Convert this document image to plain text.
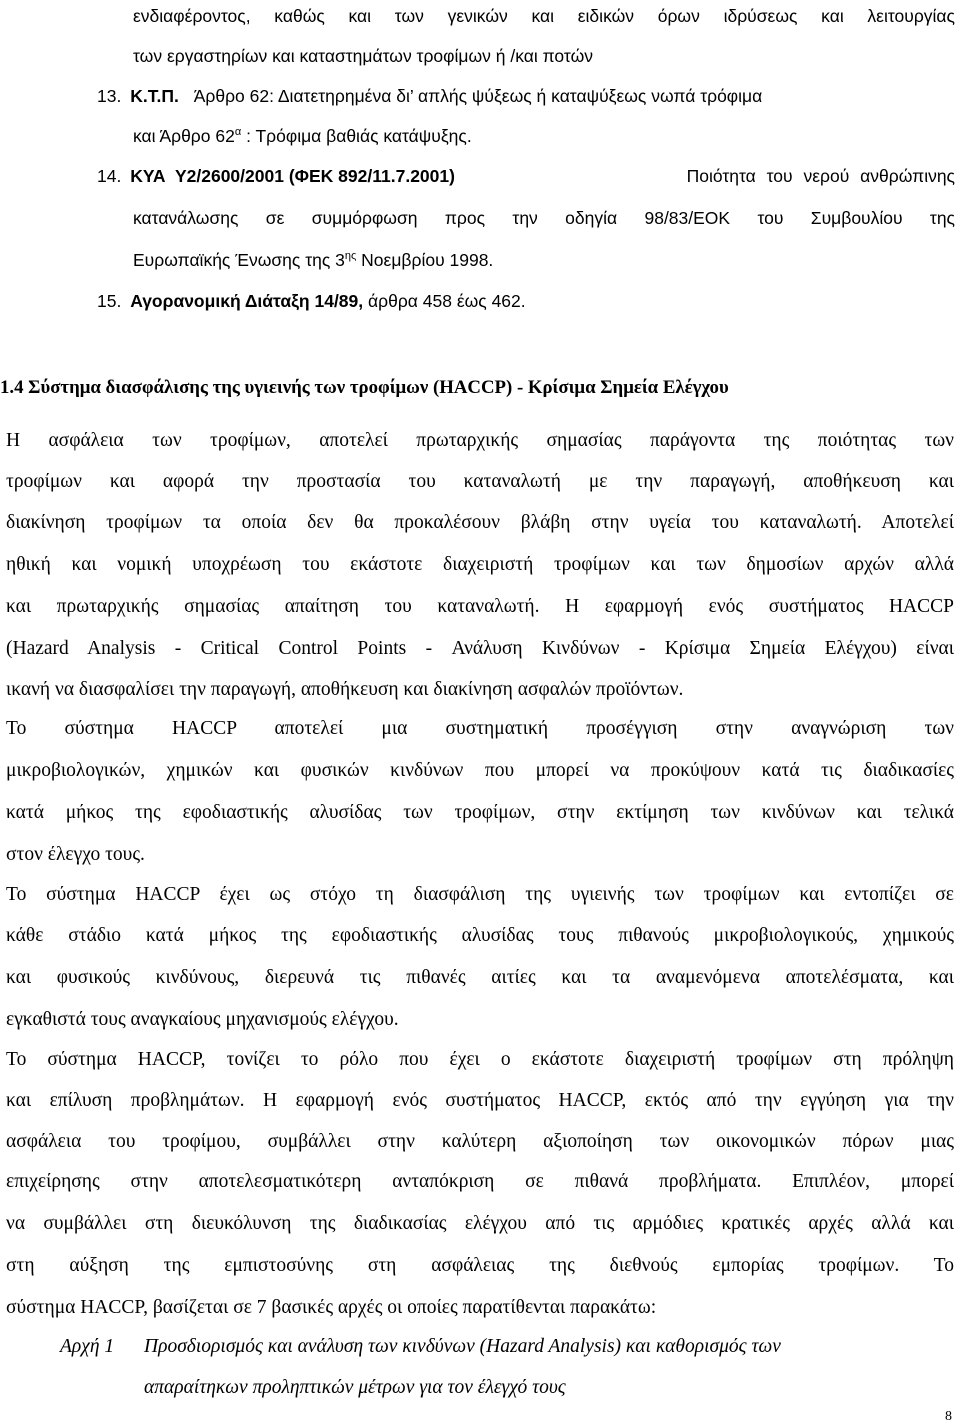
ενδιαφέροντος, καθώς και των γενικών και ειδικών όρων ιδρύσεως και λειτουργίας
των εργαστηρίων και καταστημάτων τροφίμων ή /και ποτών
13. Κ.Τ.Π. Άρθρο 62: Διατετηρημένα δι’ απλής ψύξεως ή καταψύξεως νωπά τρόφιμα
και Άρθρο $62^\alpha$ : Τρόφιμα βαθιάς κατάψυξης.
14. ΚΥΑ  Υ2/2600/2001 (ΦΕΚ 892/11.7.2001)	Ποιότητα του νερού ανθρώπινης
κατανάλωσης σε συμμόρφωση προς την οδηγία 98/83/ΕΟΚ του Συμβουλίου της
Ευρωπαϊκής Ένωσης της $3^{\eta\varsigma}$ Νοεμβρίου 1998.
15. Αγορανομική Διάταξη 14/89, άρθρα 458 έως 462.
1.4 Σύστημα διασφάλισης της υγιεινής των τροφίμων (HACCP) - Κρίσιμα Σημεία Ελέγχου
Η ασφάλεια των τροφίμων, αποτελεί πρωταρχικής σημασίας παράγοντα της ποιότητας των
τροφίμων και αφορά την προστασία του καταναλωτή με την παραγωγή, αποθήκευση και
διακίνηση τροφίμων τα οποία δεν θα προκαλέσουν βλάβη στην υγεία του καταναλωτή. Αποτελεί
ηθική και νομική υποχρέωση του εκάστοτε διαχειριστή τροφίμων και των δημοσίων αρχών αλλά
και πρωταρχικής σημασίας απαίτηση του καταναλωτή. Η εφαρμογή ενός συστήματος HACCP
(Hazard Analysis - Critical Control Points - Ανάλυση Κινδύνων - Κρίσιμα Σημεία Ελέγχου) είναι
ικανή να διασφαλίσει την παραγωγή, αποθήκευση και διακίνηση ασφαλών προϊόντων.
Το σύστημα HACCP αποτελεί μια συστηματική προσέγγιση στην αναγνώριση των
μικροβιολογικών, χημικών και φυσικών κινδύνων που μπορεί να προκύψουν κατά τις διαδικασίες
κατά μήκος της εφοδιαστικής αλυσίδας των τροφίμων, στην εκτίμηση των κινδύνων και τελικά
στον έλεγχο τους.
Το σύστημα HACCP έχει ως στόχο τη διασφάλιση της υγιεινής των τροφίμων και εντοπίζει σε
κάθε στάδιο κατά μήκος της εφοδιαστικής αλυσίδας τους πιθανούς μικροβιολογικούς, χημικούς
και φυσικούς κινδύνους, διερευνά τις πιθανές αιτίες και τα αναμενόμενα αποτελέσματα, και
εγκαθιστά τους αναγκαίους μηχανισμούς ελέγχου.
Το σύστημα HACCP, τονίζει το ρόλο που έχει ο εκάστοτε διαχειριστή τροφίμων στη πρόληψη
και επίλυση προβλημάτων. Η εφαρμογή ενός συστήματος HACCP, εκτός από την εγγύηση για την
ασφάλεια του τροφίμου, συμβάλλει στην καλύτερη αξιοποίηση των οικονομικών πόρων μιας
επιχείρησης στην αποτελεσματικότερη ανταπόκριση σε πιθανά προβλήματα. Επιπλέον, μπορεί
να συμβάλλει στη διευκόλυνση της διαδικασίας ελέγχου από τις αρμόδιες κρατικές αρχές αλλά και
στη αύξηση της εμπιστοσύνης στη ασφάλειας της διεθνούς εμπορίας τροφίμων. Το
σύστημα HACCP, βασίζεται σε 7 βασικές αρχές οι οποίες παρατίθενται παρακάτω:
Αρχή 1 Προσδιορισμός και ανάλυση των κινδύνων (Hazard Analysis) και καθορισμός των
απαραίτηκων προληπτικών μέτρων για τον έλεγχό τους
8
